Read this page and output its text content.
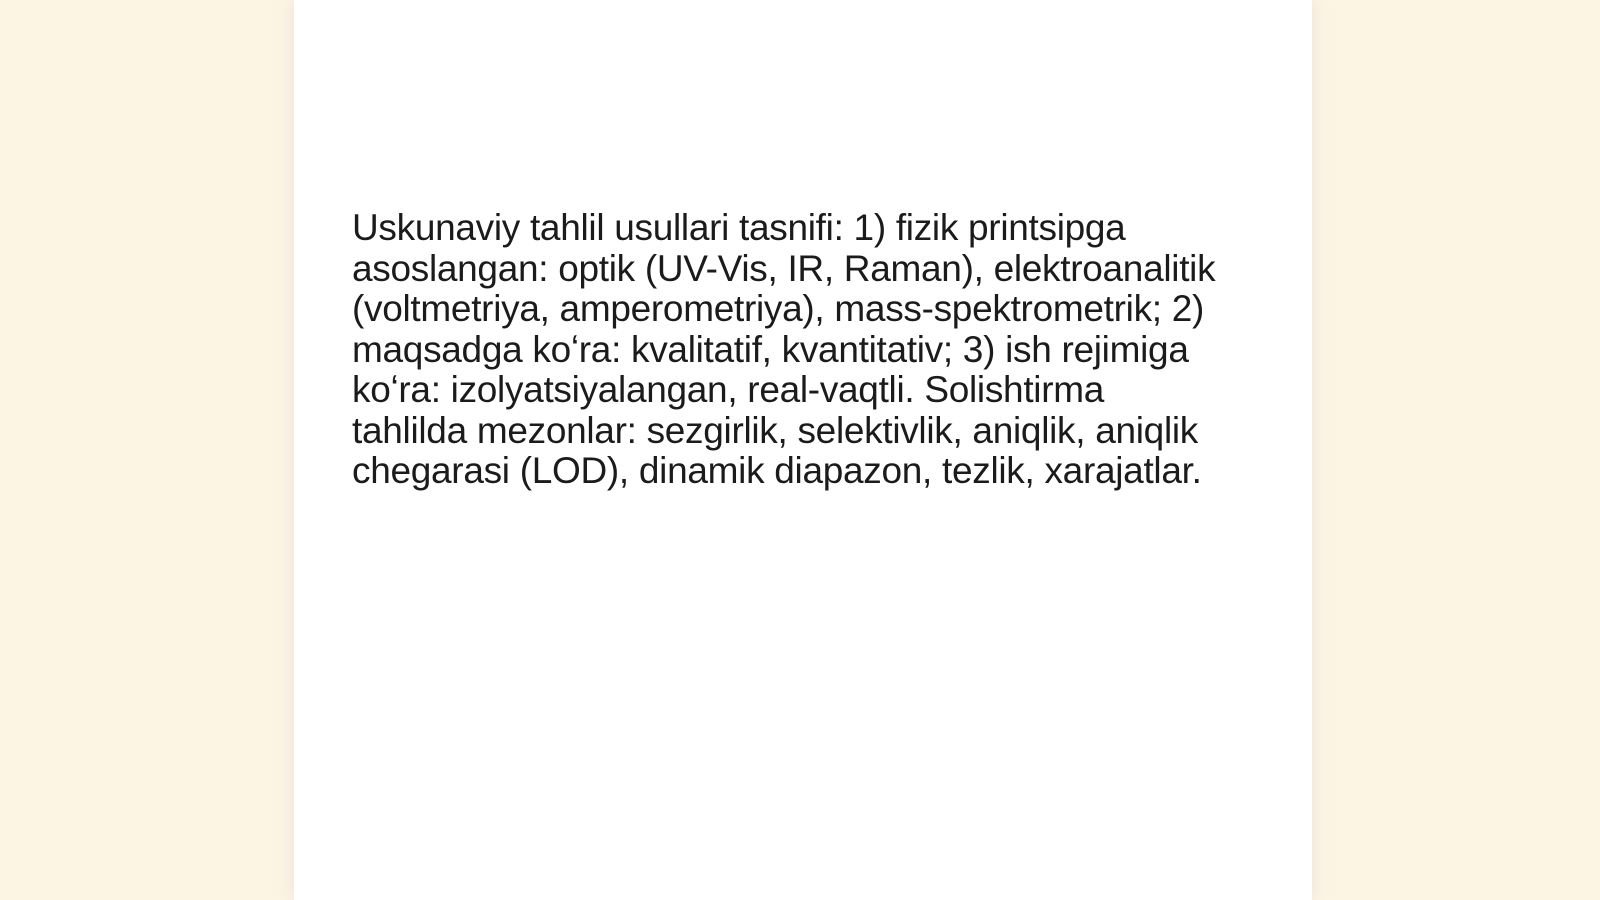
Uskunaviy tahlil usullari tasnifi: 1) fizik printsipga
asoslangan: optik (UV-Vis, IR, Raman), elektroanalitik
(voltmetriya, amperometriya), mass-spektrometrik; 2)
maqsadga koʻra: kvalitatif, kvantitativ; 3) ish rejimiga
koʻra: izolyatsiyalangan, real-vaqtli. Solishtirma
tahlilda mezonlar: sezgirlik, selektivlik, aniqlik, aniqlik
chegarasi (LOD), dinamik diapazon, tezlik, xarajatlar.
